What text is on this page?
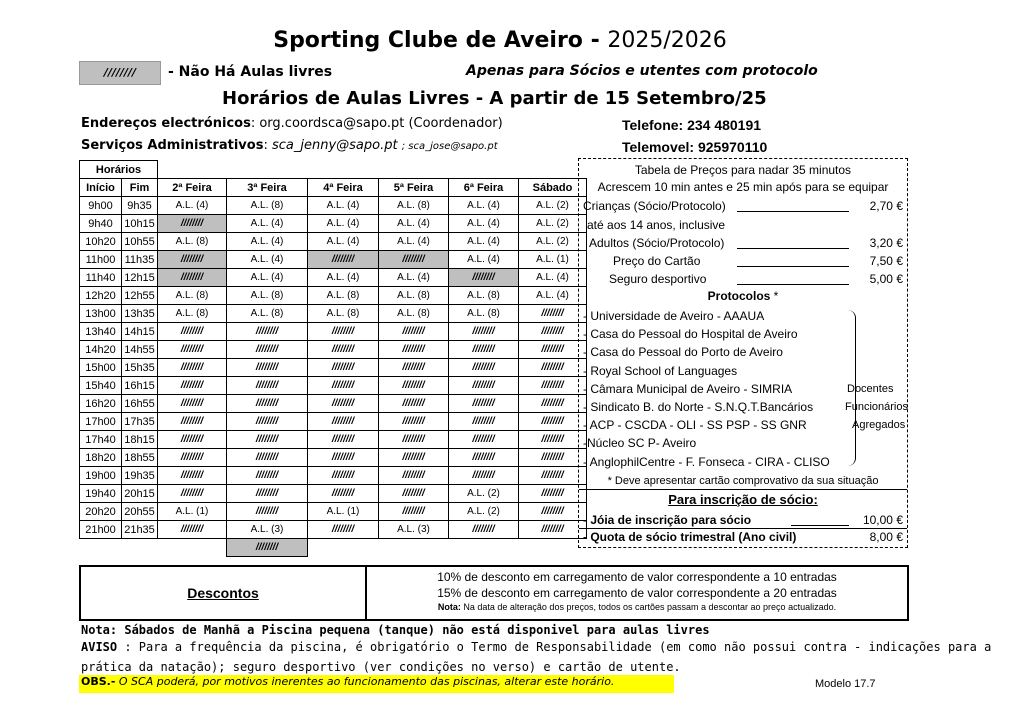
Sporting Clube de Aveiro - 2025/2026
////////	- Não Há Aulas livres	Apenas para Sócios e utentes com protocolo
Horários de Aulas Livres - A partir de 15 Setembro/25
Endereços electrónicos: org.coordsca@sapo.pt (Coordenador)
Serviços Administrativos: sca_jenny@sapo.pt ; sca_jose@sapo.pt
Telefone: 234 480191
Telemovel: 925970110
Horários							
Início	Fim	2ª Feira	3ª Feira	4ª Feira	5ª Feira	6ª Feira	Sábado
9h00	9h35	A.L. (4)	A.L. (8)	A.L. (4)	A.L. (8)	A.L. (4)	A.L. (2)
9h40	10h15	////////	A.L. (4)	A.L. (4)	A.L. (4)	A.L. (4)	A.L. (2)
10h20	10h55	A.L. (8)	A.L. (4)	A.L. (4)	A.L. (4)	A.L. (4)	A.L. (2)
11h00	11h35	////////	A.L. (4)	////////	////////	A.L. (4)	A.L. (1)
11h40	12h15	////////	A.L. (4)	A.L. (4)	A.L. (4)	////////	A.L. (4)
12h20	12h55	A.L. (8)	A.L. (8)	A.L. (8)	A.L. (8)	A.L. (8)	A.L. (4)
13h00	13h35	A.L. (8)	A.L. (8)	A.L. (8)	A.L. (8)	A.L. (8)	////////
13h40	14h15	////////	////////	////////	////////	////////	////////
14h20	14h55	////////	////////	////////	////////	////////	////////
15h00	15h35	////////	////////	////////	////////	////////	////////
15h40	16h15	////////	////////	////////	////////	////////	////////
16h20	16h55	////////	////////	////////	////////	////////	////////
17h00	17h35	////////	////////	////////	////////	////////	////////
17h40	18h15	////////	////////	////////	////////	////////	////////
18h20	18h55	////////	////////	////////	////////	////////	////////
19h00	19h35	////////	////////	////////	////////	////////	////////
19h40	20h15	////////	////////	////////	////////	A.L. (2)	////////
20h20	20h55	A.L. (1)	////////	A.L. (1)	////////	A.L. (2)	////////
21h00	21h35	////////	A.L. (3)	////////	A.L. (3)	////////	////////
			////////				
Tabela de Preços para nadar 35 minutos
Acrescem 10 min antes e 25 min após para se equipar
Crianças (Sócio/Protocolo)	2,70 €
até aos 14 anos, inclusive
Adultos (Sócio/Protocolo)	3,20 €
Preço do Cartão	7,50 €
Seguro desportivo	5,00 €
Protocolos *
- Universidade de Aveiro - AAAUA
- Casa do Pessoal do Hospital de Aveiro
- Casa do Pessoal do Porto de Aveiro
- Royal School of Languages
- Câmara Municipal de Aveiro - SIMRIA
- Sindicato B. do Norte - S.N.Q.T.Bancários
- ACP - CSCDA - OLI - SS PSP - SS GNR
-Núcleo SC P- Aveiro
- AnglophilCentre - F. Fonseca - CIRA - CLISO
Docentes
Funcionários
Agregados
* Deve apresentar cartão comprovativo da sua situação
Para inscrição de sócio:
- Jóia de inscrição para sócio	10,00 €
- Quota de sócio trimestral (Ano civil)	8,00 €
Descontos
10% de desconto em carregamento de valor correspondente a 10 entradas
15% de desconto em carregamento de valor correspondente a 20 entradas
Nota: Na data de alteração dos preços, todos os cartões passam a descontar ao preço actualizado.
Nota: Sábados de Manhã a Piscina pequena (tanque) não está disponivel para aulas livres
AVISO : Para a frequência da piscina, é obrigatório o Termo de Responsabilidade (em como não possui contra - indicações para a
prática da natação); seguro desportivo (ver condições no verso) e cartão de utente.
OBS.- O SCA poderá, por motivos inerentes ao funcionamento das piscinas, alterar este horário.	Modelo 17.7
